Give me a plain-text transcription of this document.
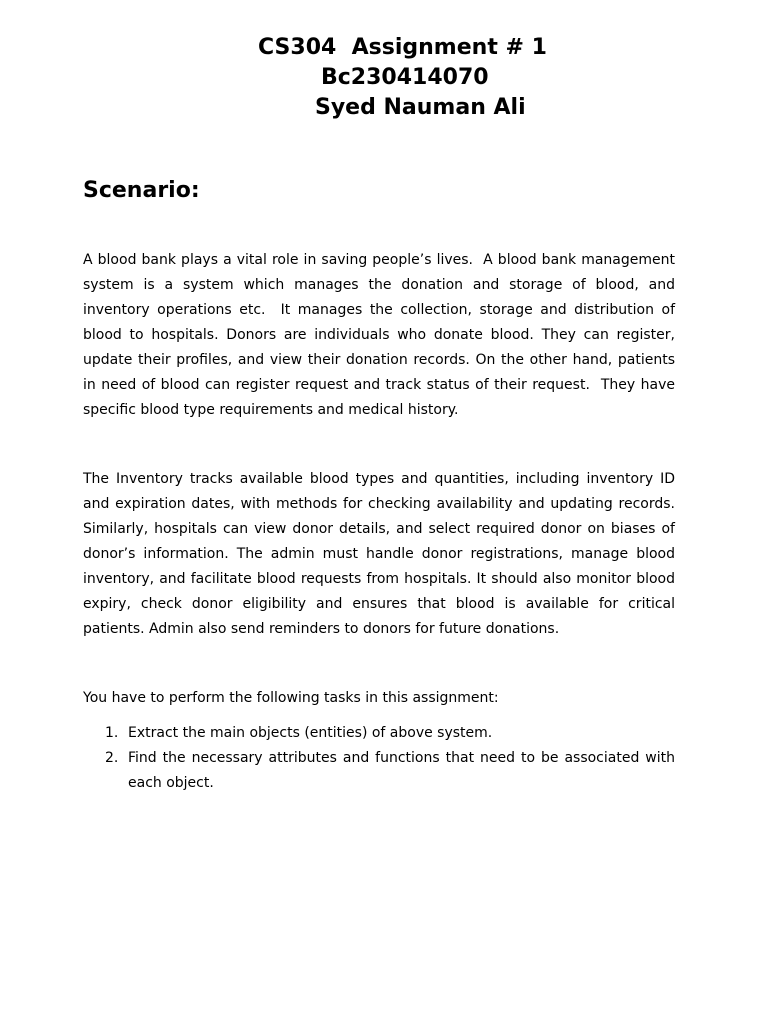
CS304  Assignment # 1
Bc230414070
Syed Nauman Ali
Scenario:

A blood bank plays a vital role in saving people’s lives.  A blood bank management system is a system which manages the donation and storage of blood, and inventory operations etc.  It manages the collection, storage and distribution of blood to hospitals. Donors are individuals who donate blood. They can register, update their profiles, and view their donation records. On the other hand, patients in need of blood can register request and track status of their request.  They have specific blood type requirements and medical history.

The Inventory tracks available blood types and quantities, including inventory ID and expiration dates, with methods for checking availability and updating records. Similarly, hospitals can view donor details, and select required donor on biases of donor’s information. The admin must handle donor registrations, manage blood inventory, and facilitate blood requests from hospitals. It should also monitor blood expiry, check donor eligibility and ensures that blood is available for critical patients. Admin also send reminders to donors for future donations.

You have to perform the following tasks in this assignment:

1. Extract the main objects (entities) of above system.
2. Find the necessary attributes and functions that need to be associated with each object.
